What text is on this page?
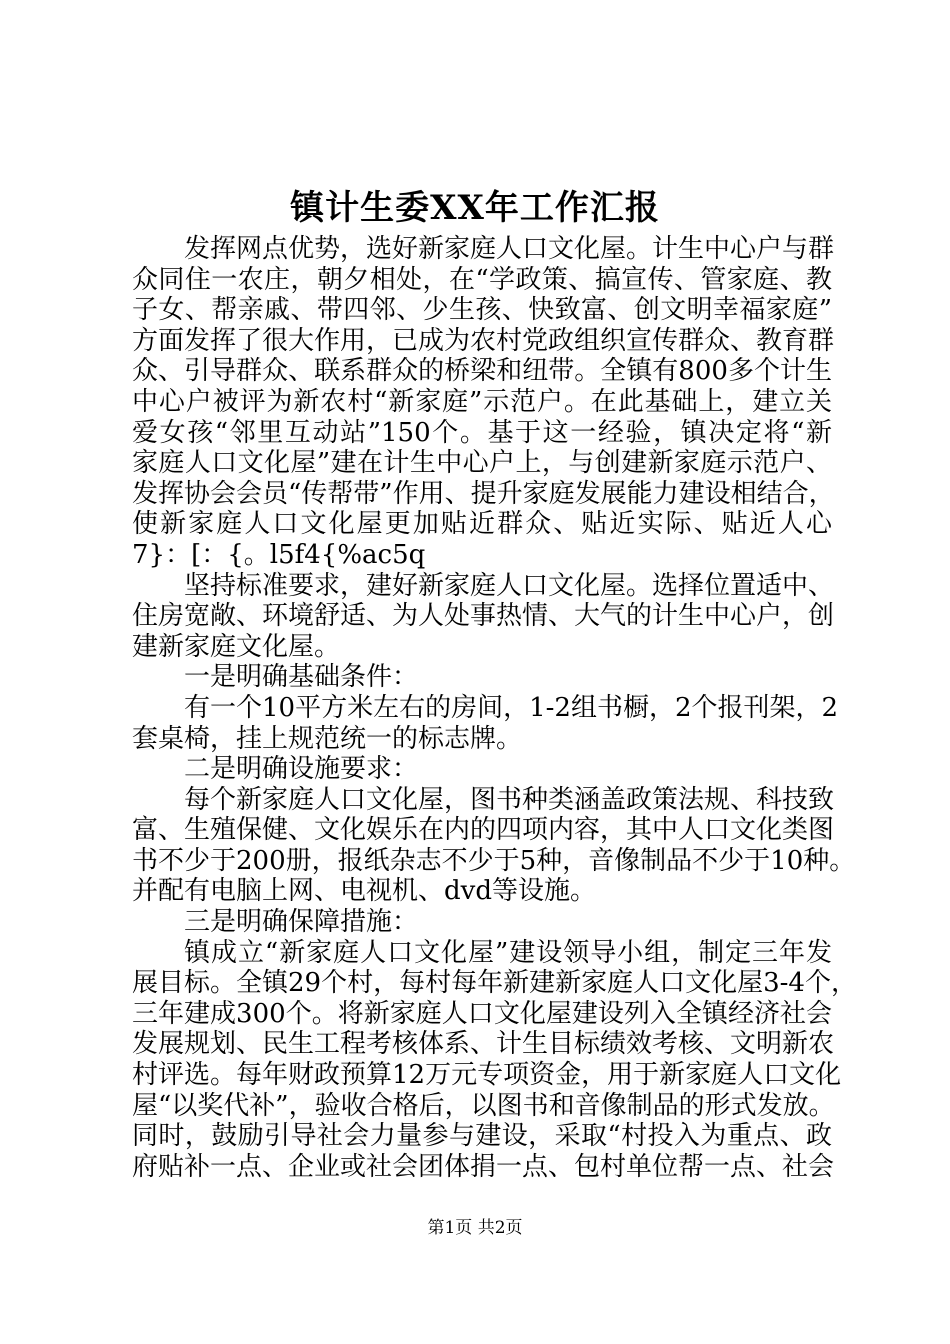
镇计生委XX年工作汇报
发挥网点优势，选好新家庭人口文化屋。计生中心户与群
众同住一农庄，朝夕相处，在“学政策、搞宣传、管家庭、教
子女、帮亲戚、带四邻、少生孩、快致富、创文明幸福家庭”
方面发挥了很大作用，已成为农村党政组织宣传群众、教育群
众、引导群众、联系群众的桥梁和纽带。全镇有800多个计生
中心户被评为新农村“新家庭”示范户。在此基础上，建立关
爱女孩“邻里互动站”150个。基于这一经验，镇决定将“新
家庭人口文化屋”建在计生中心户上，与创建新家庭示范户、
发挥协会会员“传帮带”作用、提升家庭发展能力建设相结合，
使新家庭人口文化屋更加贴近群众、贴近实际、贴近人心
7}：[：{。l5f4{%ac5q
坚持标准要求，建好新家庭人口文化屋。选择位置适中、
住房宽敞、环境舒适、为人处事热情、大气的计生中心户，创
建新家庭文化屋。
一是明确基础条件：
有一个10平方米左右的房间，1-2组书橱，2个报刊架，2
套桌椅，挂上规范统一的标志牌。
二是明确设施要求：
每个新家庭人口文化屋，图书种类涵盖政策法规、科技致
富、生殖保健、文化娱乐在内的四项内容，其中人口文化类图
书不少于200册，报纸杂志不少于5种，音像制品不少于10种。
并配有电脑上网、电视机、dvd等设施。
三是明确保障措施：
镇成立“新家庭人口文化屋”建设领导小组，制定三年发
展目标。全镇29个村，每村每年新建新家庭人口文化屋3-4个，
三年建成300个。将新家庭人口文化屋建设列入全镇经济社会
发展规划、民生工程考核体系、计生目标绩效考核、文明新农
村评选。每年财政预算12万元专项资金，用于新家庭人口文化
屋“以奖代补”，验收合格后，以图书和音像制品的形式发放。
同时，鼓励引导社会力量参与建设，采取“村投入为重点、政
府贴补一点、企业或社会团体捐一点、包村单位帮一点、社会
第1页 共2页
